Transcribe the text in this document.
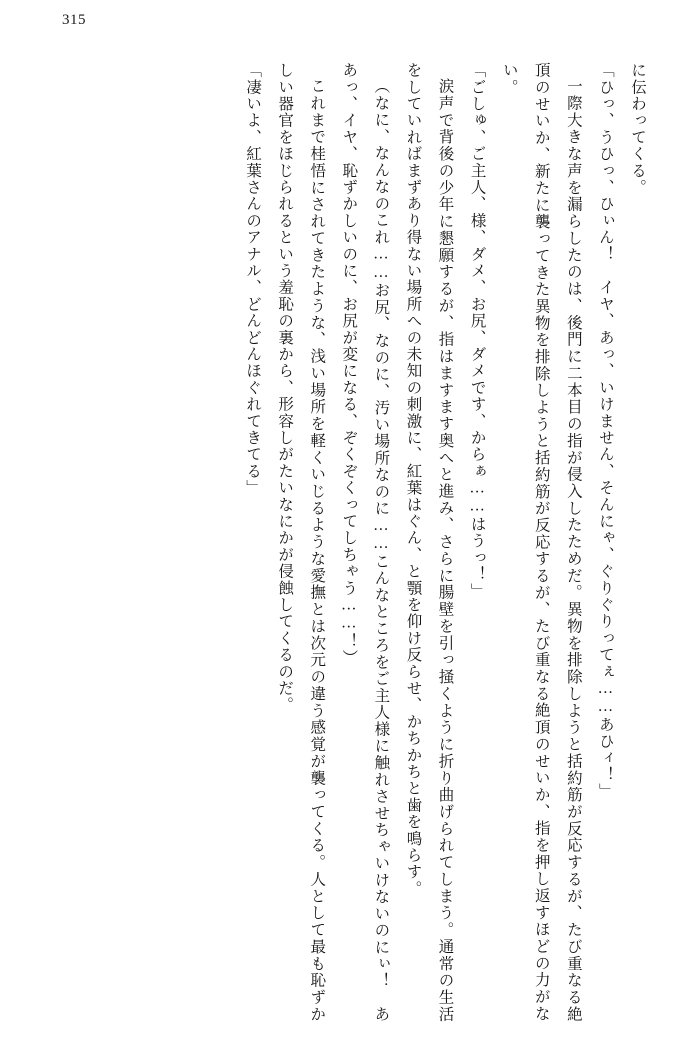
315

に伝わってくる。

「ひっ、うひっ、ひぃん！　イヤ、あっ、いけません、そんにゃ、ぐりぐりってぇ……あひィ！」

一際大きな声を漏らしたのは、後門に二本目の指が侵入したためだ。異物を排除しようと括約筋が反応するが、たび重なる絶頂のせいか、新たに襲ってきた異物を排除しようと括約筋が反応するが、たび重なる絶頂のせいか、指を押し返すほどの力がない。

「ごしゅ、ご主人、様、ダメ、お尻、ダメです、からぁ……はうっ！」

涙声で背後の少年に懇願するが、指はますます奥へと進み、さらに腸壁を引っ掻くように折り曲げられてしまう。通常の生活をしていればまずあり得ない場所への未知の刺激に、紅葉はぐん、と顎を仰け反らせ、かちかちと歯を鳴らす。

（なに、なんなのこれ……お尻、なのに、汚い場所なのに……こんなところをご主人様に触れさせちゃいけないのにぃ！　ああっ、イヤ、恥ずかしいのに、お尻が変になる、ぞくぞくってしちゃう……！）

これまで桂悟にされてきたような、浅い場所を軽くいじるような愛撫とは次元の違う感覚が襲ってくる。人として最も恥ずかしい器官をほじられるという羞恥の裏から、形容しがたいなにかが侵蝕してくるのだ。

「凄いよ、紅葉さんのアナル、どんどんほぐれてきてる」
